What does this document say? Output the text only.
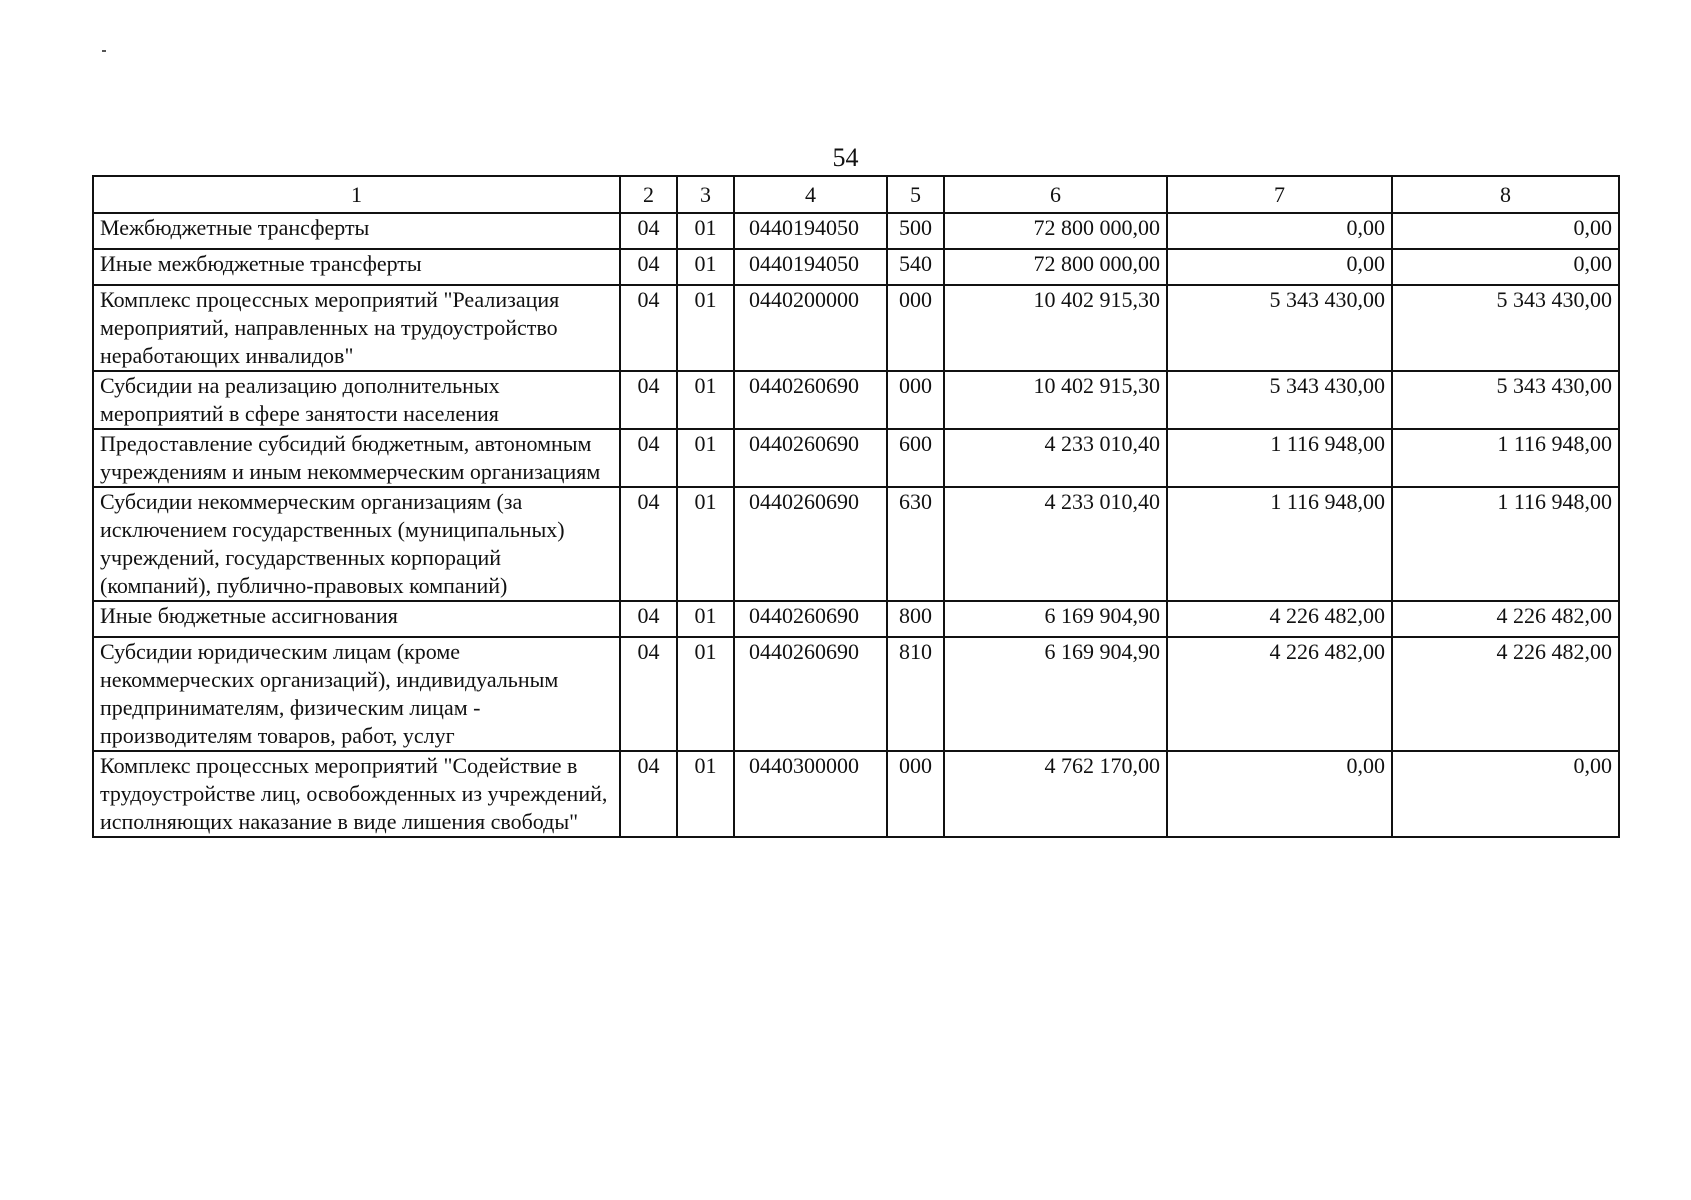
54
1	2	3	4	5	6	7	8
Межбюджетные трансферты	04	01	0440194050	500	72 800 000,00	0,00	0,00
Иные межбюджетные трансферты	04	01	0440194050	540	72 800 000,00	0,00	0,00
Комплекс процессных мероприятий "Реализация мероприятий, направленных на трудоустройство неработающих инвалидов"	04	01	0440200000	000	10 402 915,30	5 343 430,00	5 343 430,00
Субсидии на реализацию дополнительных мероприятий в сфере занятости населения	04	01	0440260690	000	10 402 915,30	5 343 430,00	5 343 430,00
Предоставление субсидий бюджетным, автономным учреждениям и иным некоммерческим организациям	04	01	0440260690	600	4 233 010,40	1 116 948,00	1 116 948,00
Субсидии некоммерческим организациям (за исключением государственных (муниципальных) учреждений, государственных корпораций (компаний), публично-правовых компаний)	04	01	0440260690	630	4 233 010,40	1 116 948,00	1 116 948,00
Иные бюджетные ассигнования	04	01	0440260690	800	6 169 904,90	4 226 482,00	4 226 482,00
Субсидии юридическим лицам (кроме некоммерческих организаций), индивидуальным предпринимателям, физическим лицам - производителям товаров, работ, услуг	04	01	0440260690	810	6 169 904,90	4 226 482,00	4 226 482,00
Комплекс процессных мероприятий "Содействие в трудоустройстве лиц, освобожденных из учреждений, исполняющих наказание в виде лишения свободы"	04	01	0440300000	000	4 762 170,00	0,00	0,00
